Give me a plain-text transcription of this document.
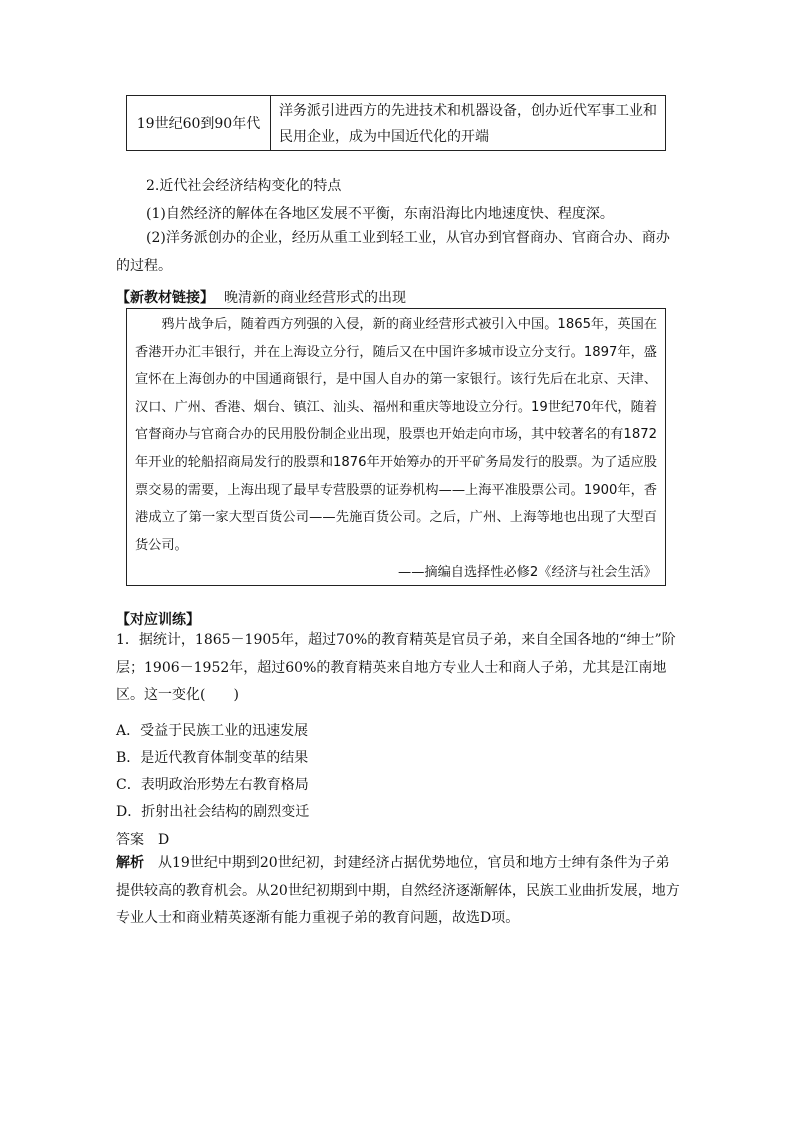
19世纪60到90年代
洋务派引进西方的先进技术和机器设备，创办近代军事工业和民用企业，成为中国近代化的开端
2.近代社会经济结构变化的特点
(1)自然经济的解体在各地区发展不平衡，东南沿海比内地速度快、程度深。
(2)洋务派创办的企业，经历从重工业到轻工业，从官办到官督商办、官商合办、商办的过程。
【新教材链接】 晚清新的商业经营形式的出现
鸦片战争后，随着西方列强的入侵，新的商业经营形式被引入中国。1865年，英国在香港开办汇丰银行，并在上海设立分行，随后又在中国许多城市设立分支行。1897年，盛宣怀在上海创办的中国通商银行，是中国人自办的第一家银行。该行先后在北京、天津、汉口、广州、香港、烟台、镇江、汕头、福州和重庆等地设立分行。19世纪70年代，随着官督商办与官商合办的民用股份制企业出现，股票也开始走向市场，其中较著名的有1872年开业的轮船招商局发行的股票和1876年开始筹办的开平矿务局发行的股票。为了适应股票交易的需要，上海出现了最早专营股票的证券机构——上海平准股票公司。1900年，香港成立了第一家大型百货公司——先施百货公司。之后，广州、上海等地也出现了大型百货公司。
——摘编自选择性必修2《经济与社会生活》
【对应训练】
1．据统计，1865－1905年，超过70%的教育精英是官员子弟，来自全国各地的“绅士”阶层；1906－1952年，超过60%的教育精英来自地方专业人士和商人子弟，尤其是江南地区。这一变化(　　)
A．受益于民族工业的迅速发展
B．是近代教育体制变革的结果
C．表明政治形势左右教育格局
D．折射出社会结构的剧烈变迁
答案 D
解析 从19世纪中期到20世纪初，封建经济占据优势地位，官员和地方士绅有条件为子弟提供较高的教育机会。从20世纪初期到中期，自然经济逐渐解体，民族工业曲折发展，地方专业人士和商业精英逐渐有能力重视子弟的教育问题，故选D项。
